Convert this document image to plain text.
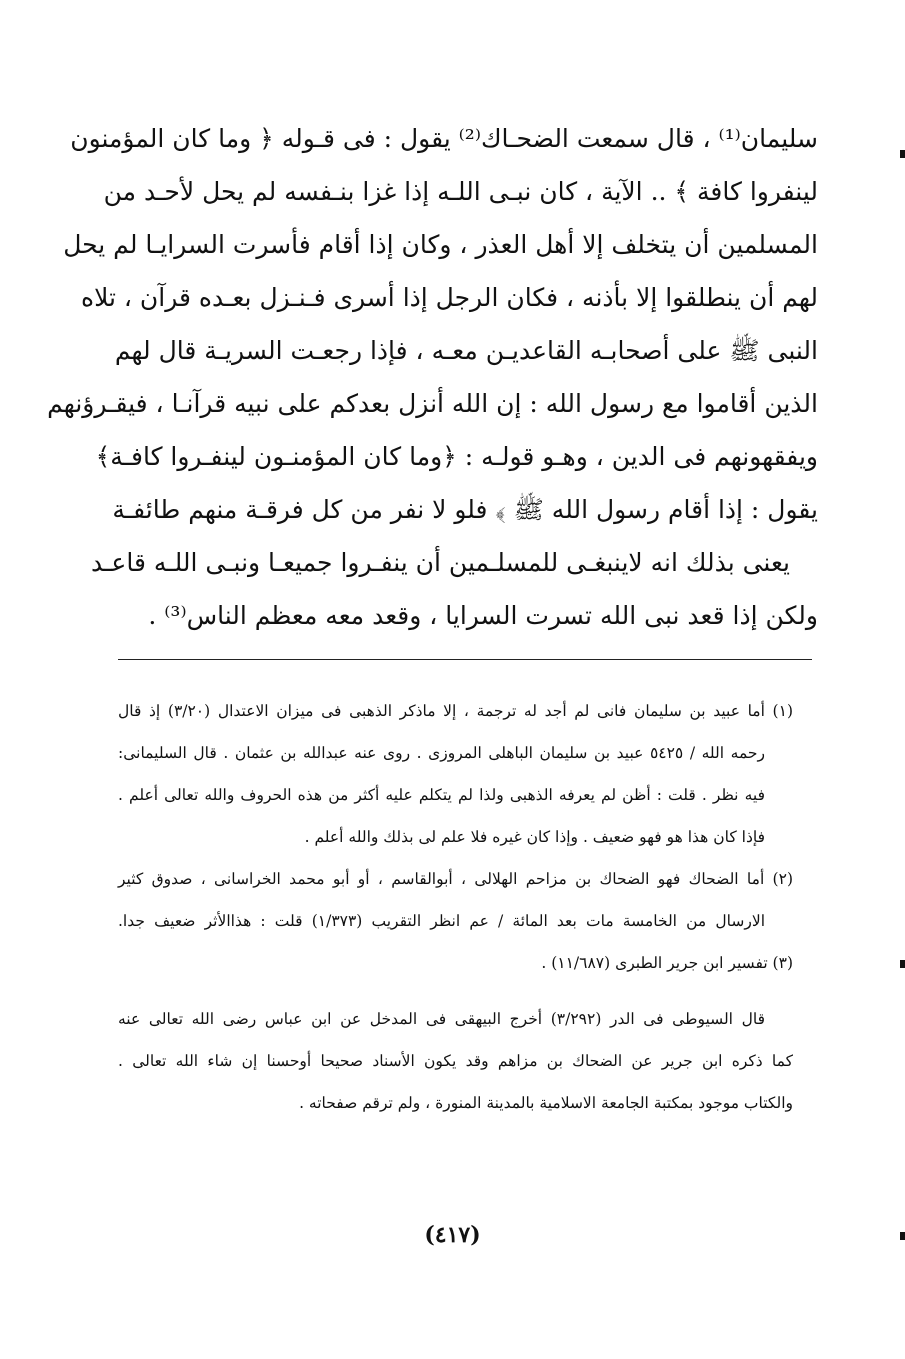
سليمان⁽¹⁾ ، قال سمعت الضحـاك⁽²⁾ يقول : فى قـوله ﴿ وما كان المؤمنون
لينفروا كافة ﴾ .. الآية ، كان نبـى اللـه إذا غزا بنـفسه لم يحل لأحـد من
المسلمين أن يتخلف إلا أهل العذر ، وكان إذا أقام فأسرت السرايـا لم يحل
لهم أن ينطلقوا إلا بأذنه ، فكان الرجل إذا أسرى فـنـزل بعـده قرآن ، تلاه
النبى ﷺ على أصحابـه القاعديـن معـه ، فإذا رجعـت السريـة قال لهم
الذين أقاموا مع رسول الله : إن الله أنزل بعدكم على نبيه قرآنـا ، فيقـرؤنهم
ويفقهونهم فى الدين ، وهـو قولـه : ﴿وما كان المؤمنـون لينفـروا كافـة﴾
يقول : إذا أقام رسول الله ﷺ ﴾ فلو لا نفر من كل فرقـة منهم طائفـة
يعنى بذلك انه لاينبغـى للمسلـمين أن ينفـروا جميعـا ونبـى اللـه قاعـد
ولكن إذا قعد نبى الله تسرت السرايا ، وقعد معه معظم الناس⁽³⁾ .
(١) أما عبيد بن سليمان فانى لم أجد له ترجمة ، إلا ماذكر الذهبى فى ميزان الاعتدال (٣/٢٠) إذ قال
رحمه الله / ٥٤٢٥ عبيد بن سليمان الباهلى المروزى . روى عنه عبدالله بن عثمان . قال السليمانى:
فيه نظر . قلت : أظن لم يعرفه الذهبى ولذا لم يتكلم عليه أكثر من هذه الحروف والله تعالى أعلم .
فإذا كان هذا هو فهو ضعيف . وإذا كان غيره فلا علم لى بذلك والله أعلم .
(٢) أما الضحاك فهو الضحاك بن مزاحم الهلالى ، أبوالقاسم ، أو أبو محمد الخراسانى ، صدوق كثير
الارسال من الخامسة مات بعد المائة / عم انظر التقريب (١/٣٧٣) قلت : هذاالأثر ضعيف جدا.
(٣) تفسير ابن جرير الطبرى (١١/٦٨٧) .
قال السيوطى فى الدر (٣/٢٩٢) أخرج البيهقى فى المدخل عن ابن عباس رضى الله تعالى عنه
كما ذكره ابن جرير عن الضحاك بن مزاهم وقد يكون الأسناد صحيحا أوحسنا إن شاء الله تعالى .
والكتاب موجود بمكتبة الجامعة الاسلامية بالمدينة المنورة ، ولم ترقم صفحاته .
(٤١٧)
